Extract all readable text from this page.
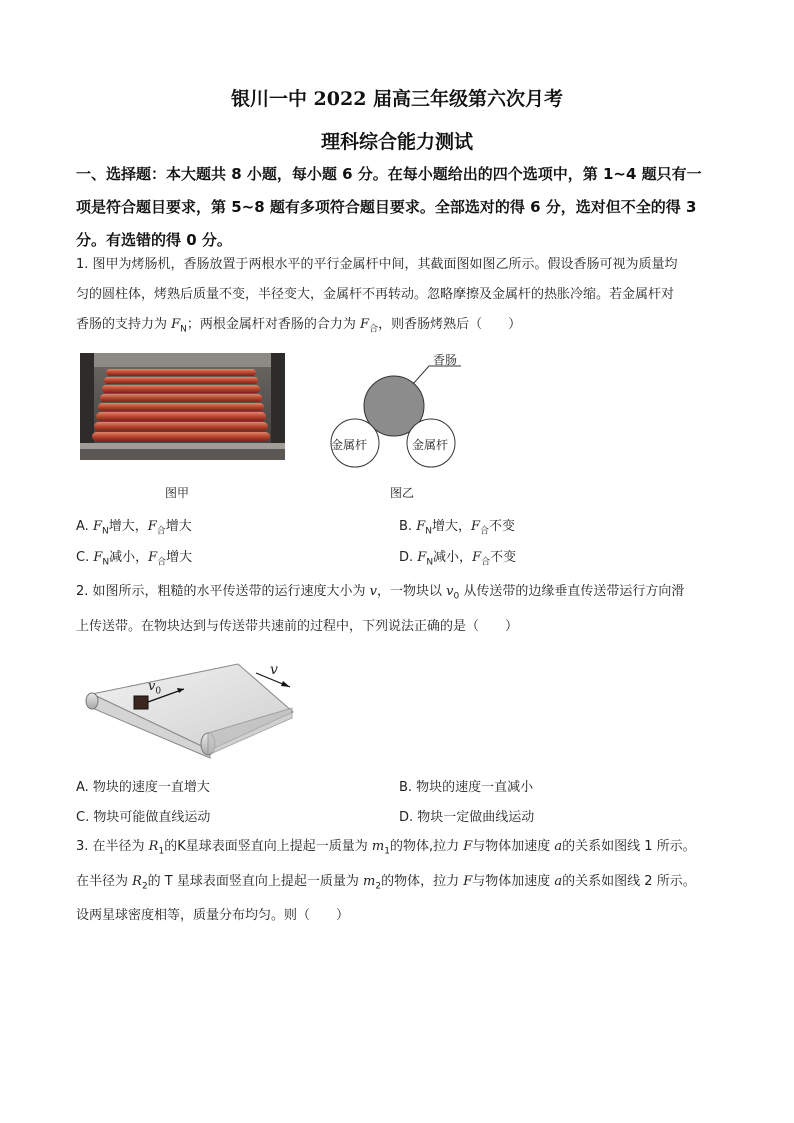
银川一中 2022 届高三年级第六次月考
理科综合能力测试
一、选择题：本大题共 8 小题，每小题 6 分。在每小题给出的四个选项中，第 1~4 题只有一
项是符合题目要求，第 5~8 题有多项符合题目要求。全部选对的得 6 分，选对但不全的得 3
分。有选错的得 0 分。
1. 图甲为烤肠机，香肠放置于两根水平的平行金属杆中间，其截面图如图乙所示。假设香肠可视为质量均
匀的圆柱体，烤熟后质量不变，半径变大，金属杆不再转动。忽略摩擦及金属杆的热胀冷缩。若金属杆对
香肠的支持力为 $F_N$；两根金属杆对香肠的合力为 $F_合$，则香肠烤熟后（　　）
香肠
金属杆	金属杆
图甲	图乙
A. $F_N$增大，$F_合$增大	B. $F_N$增大，$F_合$不变
C. $F_N$减小，$F_合$增大	D. $F_N$减小，$F_合$不变
2. 如图所示，粗糙的水平传送带的运行速度大小为 v，一物块以 $v_0$ 从传送带的边缘垂直传送带运行方向滑
上传送带。在物块达到与传送带共速前的过程中，下列说法正确的是（　　）
$v_0$
v
A. 物块的速度一直增大	B. 物块的速度一直减小
C. 物块可能做直线运动	D. 物块一定做曲线运动
3. 在半径为 $R_1$的K星球表面竖直向上提起一质量为 $m_1$的物体,拉力 F与物体加速度 a的关系如图线 1 所示。
在半径为 $R_2$的 T 星球表面竖直向上提起一质量为 $m_2$的物体，拉力 F与物体加速度 a的关系如图线 2 所示。
设两星球密度相等，质量分布均匀。则（　　）
